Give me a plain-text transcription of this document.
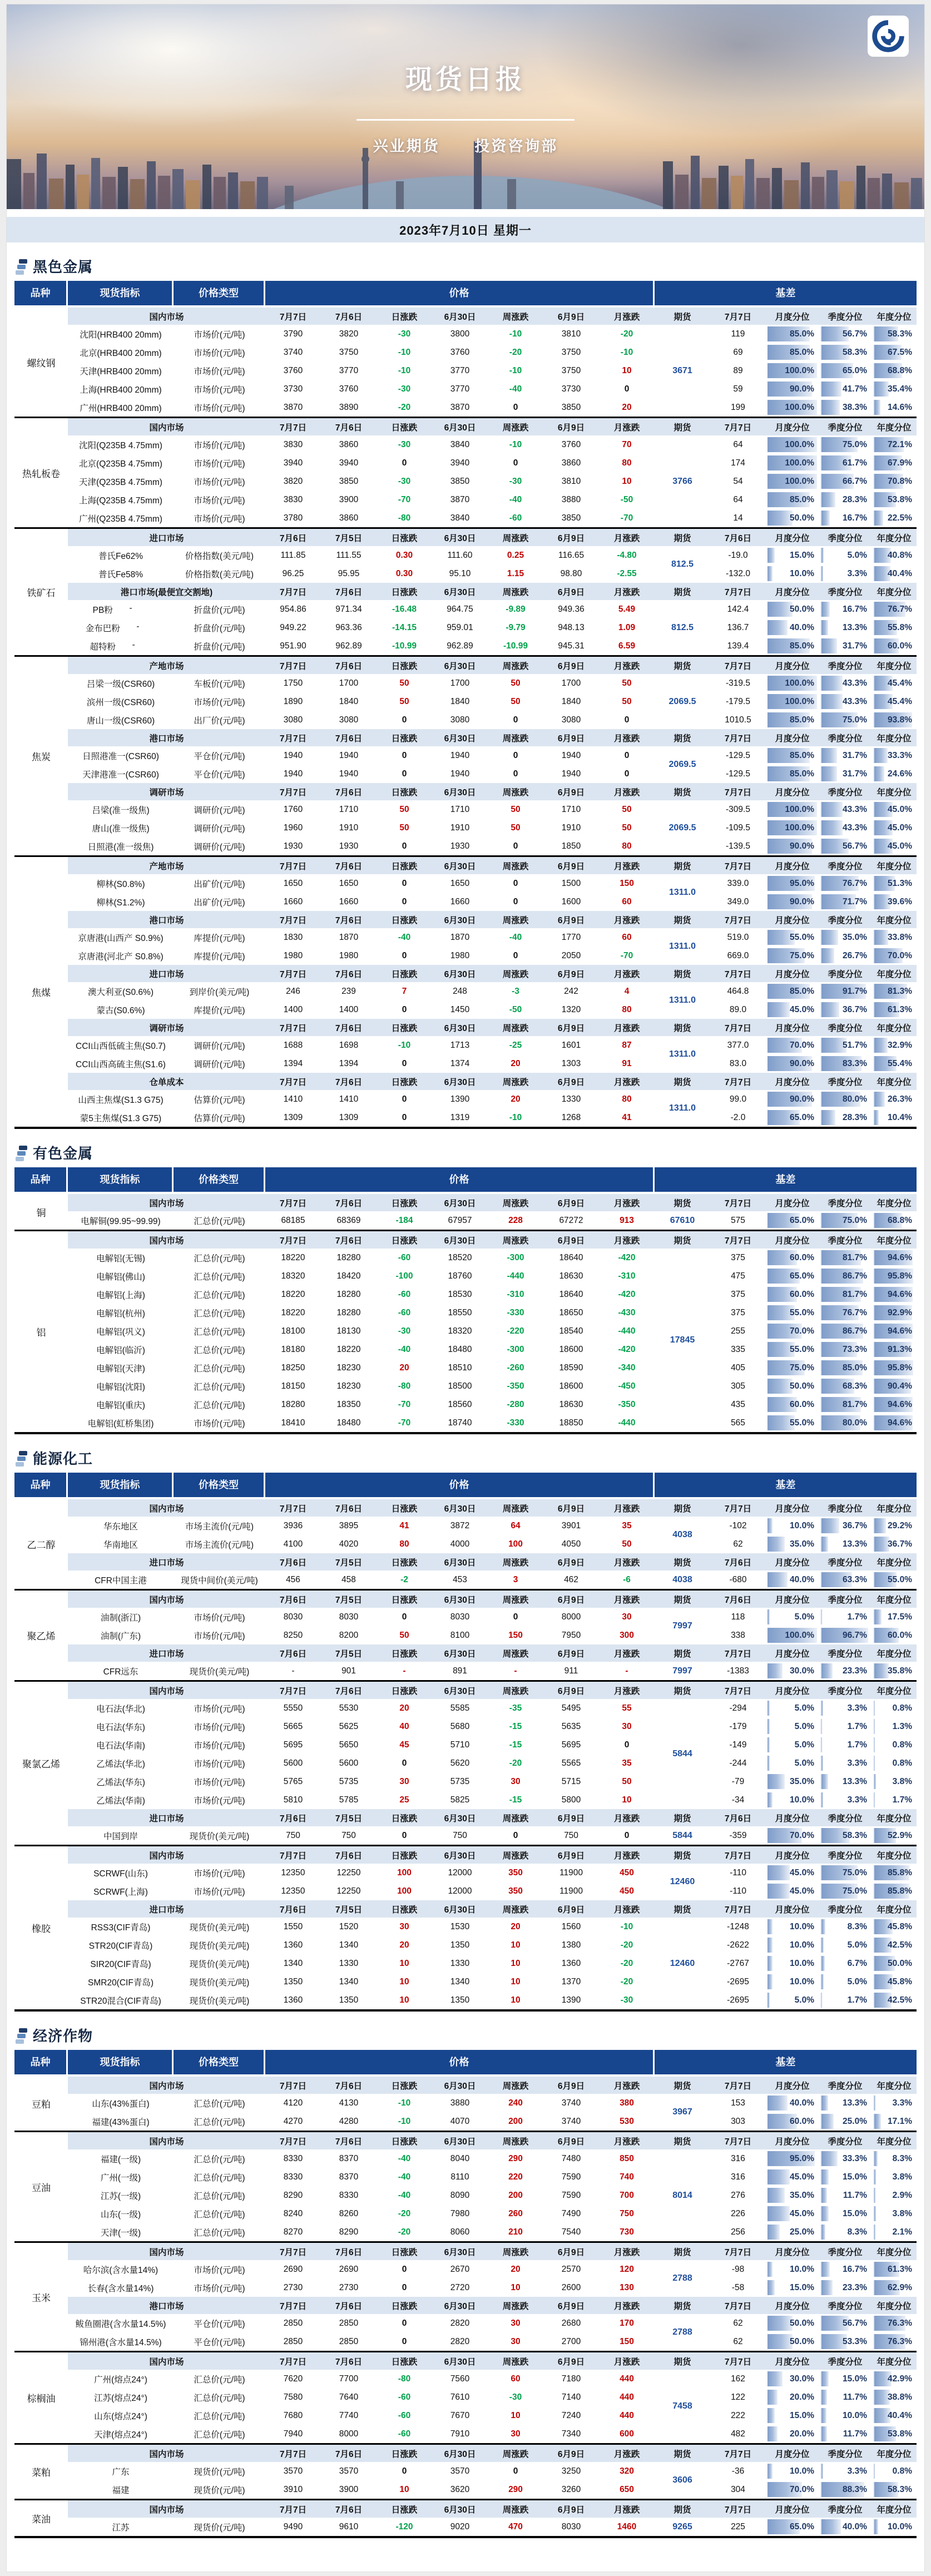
现货日报
兴业期货 投资咨询部
2023年7月10日 星期一
黑色金属
品种	现货指标	价格类型	价格	基差
螺纹钢
国内市场	7月7日	7月6日	日涨跌	6月30日	周涨跌	6月9日	月涨跌	期货	7月7日	月度分位	季度分位	年度分位
沈阳(HRB400 20mm)	市场价(元/吨)	3790	3820	-30	3800	-10	3810	-20	119	85.0%	56.7% 58.3%
北京(HRB400 20mm)	市场价(元/吨)	3740	3750	-10	3760	-20	3750	-10	69	85.0%	58.3% 67.5%
天津(HRB400 20mm)	市场价(元/吨)	3760	3770	-10	3770	-10	3750	10	89	100.0%	65.0% 68.8%
上海(HRB400 20mm)	市场价(元/吨)	3730	3760	-30	3770	-40	3730	0	59	90.0%	41.7% 35.4%
广州(HRB400 20mm)	市场价(元/吨)	3870	3890	-20	3870	0	3850	20	199	100.0%	38.3% 14.6%
3671
热轧板卷
国内市场	7月7日	7月6日	日涨跌	6月30日	周涨跌	6月9日	月涨跌	期货	7月7日	月度分位	季度分位	年度分位
沈阳(Q235B 4.75mm)	市场价(元/吨)	3830	3860	-30	3840	-10	3760	70	64	100.0%	75.0% 72.1%
北京(Q235B 4.75mm)	市场价(元/吨)	3940	3940	0	3940	0	3860	80	174	100.0%	61.7% 67.9%
天津(Q235B 4.75mm)	市场价(元/吨)	3820	3850	-30	3850	-30	3810	10	54	100.0%	66.7% 70.8%
上海(Q235B 4.75mm)	市场价(元/吨)	3830	3900	-70	3870	-40	3880	-50	64	85.0%	28.3% 53.8%
广州(Q235B 4.75mm)	市场价(元/吨)	3780	3860	-80	3840	-60	3850	-70	14	50.0%	16.7% 22.5%
3766
铁矿石
进口市场	7月6日	7月5日	日涨跌	6月30日	周涨跌	6月9日	月涨跌	期货	7月6日	月度分位	季度分位	年度分位
普氏Fe62%	价格指数(美元/吨)	111.85	111.55	0.30	111.60	0.25	116.65	-4.80	-19.0	15.0%	5.0% 40.8%
普氏Fe58%	价格指数(美元/吨)	96.25	95.95	0.30	95.10	1.15	98.80	-2.55	-132.0	10.0%	3.3% 40.4%
812.5
港口市场(最便宜交割地)	7月7日	7月6日	日涨跌	6月30日	周涨跌	6月9日	月涨跌	期货	7月7日	月度分位	季度分位	年度分位
PB粉	-	折盘价(元/吨)	954.86	971.34	-16.48	964.75	-9.89	949.36	5.49	142.4	50.0%	16.7% 76.7%
金布巴粉	-	折盘价(元/吨)	949.22	963.36	-14.15	959.01	-9.79	948.13	1.09	136.7	40.0%	13.3% 55.8%
超特粉	-	折盘价(元/吨)	951.90	962.89	-10.99	962.89	-10.99	945.31	6.59	139.4	85.0%	31.7% 60.0%
812.5
焦炭
产地市场	7月7日	7月6日	日涨跌	6月30日	周涨跌	6月9日	月涨跌	期货	7月7日	月度分位	季度分位	年度分位
吕梁一级(CSR60)	车板价(元/吨)	1750	1700	50	1700	50	1700	50	-319.5	100.0%	43.3% 45.4%
滨州一级(CSR60)	市场价(元/吨)	1890	1840	50	1840	50	1840	50	-179.5	100.0%	43.3% 45.4%
唐山一级(CSR60)	出厂价(元/吨)	3080	3080	0	3080	0	3080	0	1010.5	85.0%	75.0% 93.8%
2069.5
港口市场	7月7日	7月6日	日涨跌	6月30日	周涨跌	6月9日	月涨跌	期货	7月7日	月度分位	季度分位	年度分位
日照港准一(CSR60)	平仓价(元/吨)	1940	1940	0	1940	0	1940	0	-129.5	85.0%	31.7% 33.3%
天津港准一(CSR60)	平仓价(元/吨)	1940	1940	0	1940	0	1940	0	-129.5	85.0%	31.7% 24.6%
2069.5
调研市场	7月7日	7月6日	日涨跌	6月30日	周涨跌	6月9日	月涨跌	期货	7月7日	月度分位	季度分位	年度分位
吕梁(准一级焦)	调研价(元/吨)	1760	1710	50	1710	50	1710	50	-309.5	100.0%	43.3% 45.0%
唐山(准一级焦)	调研价(元/吨)	1960	1910	50	1910	50	1910	50	-109.5	100.0%	43.3% 45.0%
日照港(准一级焦)	调研价(元/吨)	1930	1930	0	1930	0	1850	80	-139.5	90.0%	56.7% 45.0%
2069.5
焦煤
产地市场	7月7日	7月6日	日涨跌	6月30日	周涨跌	6月9日	月涨跌	期货	7月7日	月度分位	季度分位	年度分位
柳林(S0.8%)	出矿价(元/吨)	1650	1650	0	1650	0	1500	150	339.0	95.0%	76.7% 51.3%
柳林(S1.2%)	出矿价(元/吨)	1660	1660	0	1660	0	1600	60	349.0	90.0%	71.7% 39.6%
1311.0
港口市场	7月7日	7月6日	日涨跌	6月30日	周涨跌	6月9日	月涨跌	期货	7月7日	月度分位	季度分位	年度分位
京唐港(山西产 S0.9%)	库提价(元/吨)	1830	1870	-40	1870	-40	1770	60	519.0	55.0%	35.0% 33.8%
京唐港(河北产 S0.8%)	库提价(元/吨)	1980	1980	0	1980	0	2050	-70	669.0	75.0%	26.7% 70.0%
1311.0
进口市场	7月7日	7月6日	日涨跌	6月30日	周涨跌	6月9日	月涨跌	期货	7月7日	月度分位	季度分位	年度分位
澳大利亚(S0.6%)	到岸价(美元/吨)	246	239	7	248	-3	242	4	464.8	85.0%	91.7% 81.3%
蒙古(S0.6%)	库提价(元/吨)	1400	1400	0	1450	-50	1320	80	89.0	45.0%	36.7% 61.3%
1311.0
调研市场	7月7日	7月6日	日涨跌	6月30日	周涨跌	6月9日	月涨跌	期货	7月7日	月度分位	季度分位	年度分位
CCI山西低硫主焦(S0.7)	调研价(元/吨)	1688	1698	-10	1713	-25	1601	87	377.0	70.0%	51.7% 32.9%
CCI山西高硫主焦(S1.6)	调研价(元/吨)	1394	1394	0	1374	20	1303	91	83.0	90.0%	83.3% 55.4%
1311.0
仓单成本	7月7日	7月6日	日涨跌	6月30日	周涨跌	6月9日	月涨跌	期货	7月7日	月度分位	季度分位	年度分位
山西主焦煤(S1.3 G75)	估算价(元/吨)	1410	1410	0	1390	20	1330	80	99.0	90.0%	80.0% 26.3%
蒙5主焦煤(S1.3 G75)	估算价(元/吨)	1309	1309	0	1319	-10	1268	41	-2.0	65.0%	28.3% 10.4%
1311.0
有色金属
品种	现货指标	价格类型	价格	基差
铜
国内市场	7月7日	7月6日	日涨跌	6月30日	周涨跌	6月9日	月涨跌	期货	7月7日	月度分位	季度分位	年度分位
电解铜(99.95~99.99)	汇总价(元/吨)	68185	68369	-184	67957	228	67272	913	575	65.0%	75.0% 68.8%
67610
铝
国内市场	7月7日	7月6日	日涨跌	6月30日	周涨跌	6月9日	月涨跌	期货	7月7日	月度分位	季度分位	年度分位
电解铝(无锡)	汇总价(元/吨)	18220	18280	-60	18520	-300	18640	-420	375	60.0%	81.7% 94.6%
电解铝(佛山)	汇总价(元/吨)	18320	18420	-100	18760	-440	18630	-310	475	65.0%	86.7% 95.8%
电解铝(上海)	汇总价(元/吨)	18220	18280	-60	18530	-310	18640	-420	375	60.0%	81.7% 94.6%
电解铝(杭州)	汇总价(元/吨)	18220	18280	-60	18550	-330	18650	-430	375	55.0%	76.7% 92.9%
电解铝(巩义)	汇总价(元/吨)	18100	18130	-30	18320	-220	18540	-440	255	70.0%	86.7% 94.6%
电解铝(临沂)	汇总价(元/吨)	18180	18220	-40	18480	-300	18600	-420	335	55.0%	73.3% 91.3%
电解铝(天津)	汇总价(元/吨)	18250	18230	20	18510	-260	18590	-340	405	75.0%	85.0% 95.8%
电解铝(沈阳)	汇总价(元/吨)	18150	18230	-80	18500	-350	18600	-450	305	50.0%	68.3% 90.4%
电解铝(重庆)	汇总价(元/吨)	18280	18350	-70	18560	-280	18630	-350	435	60.0%	81.7% 94.6%
电解铝(虹桥集团)	市场价(元/吨)	18410	18480	-70	18740	-330	18850	-440	565	55.0%	80.0% 94.6%
17845
能源化工
品种	现货指标	价格类型	价格	基差
乙二醇
国内市场	7月7日	7月6日	日涨跌	6月30日	周涨跌	6月9日	月涨跌	期货	7月7日	月度分位	季度分位	年度分位
华东地区	市场主流价(元/吨)	3936	3895	41	3872	64	3901	35	-102	10.0%	36.7% 29.2%
华南地区	市场主流价(元/吨)	4100	4020	80	4000	100	4050	50	62	35.0%	13.3% 36.7%
4038
进口市场	7月6日	7月5日	日涨跌	6月30日	周涨跌	6月9日	月涨跌	期货	7月6日	月度分位	季度分位	年度分位
CFR中国主港	现货中间价(美元/吨)	456	458	-2	453	3	462	-6	-680	40.0%	63.3% 55.0%
4038
聚乙烯
国内市场	7月6日	7月5日	日涨跌	6月30日	周涨跌	6月9日	月涨跌	期货	7月6日	月度分位	季度分位	年度分位
油制(浙江)	市场价(元/吨)	8030	8030	0	8030	0	8000	30	118	5.0%	1.7% 17.5%
油制(广东)	市场价(元/吨)	8250	8200	50	8100	150	7950	300	338	100.0%	96.7% 60.0%
7997
进口市场	7月6日	7月5日	日涨跌	6月30日	周涨跌	6月9日	月涨跌	期货	7月7日	月度分位	季度分位	年度分位
CFR远东	现货价(美元/吨)	-	901	-	891	-	911	-	-1383	30.0%	23.3% 35.8%
7997
聚氯乙烯
国内市场	7月7日	7月6日	日涨跌	6月30日	周涨跌	6月9日	月涨跌	期货	7月7日	月度分位	季度分位	年度分位
电石法(华北)	市场价(元/吨)	5550	5530	20	5585	-35	5495	55	-294	5.0%	3.3%	0.8%
电石法(华东)	市场价(元/吨)	5665	5625	40	5680	-15	5635	30	-179	5.0%	1.7%	1.3%
电石法(华南)	市场价(元/吨)	5695	5650	45	5710	-15	5695	0	-149	5.0%	1.7%	0.8%
乙烯法(华北)	市场价(元/吨)	5600	5600	0	5620	-20	5565	35	-244	5.0%	3.3%	0.8%
乙烯法(华东)	市场价(元/吨)	5765	5735	30	5735	30	5715	50	-79	35.0%	13.3%	3.8%
乙烯法(华南)	市场价(元/吨)	5810	5785	25	5825	-15	5800	10	-34	10.0%	3.3%	1.7%
5844
进口市场	7月6日	7月5日	日涨跌	6月30日	周涨跌	6月9日	月涨跌	期货	7月6日	月度分位	季度分位	年度分位
中国到岸	现货价(美元/吨)	750	750	0	750	0	750	0	-359	70.0%	58.3% 52.9%
5844
橡胶
国内市场	7月7日	7月6日	日涨跌	6月30日	周涨跌	6月9日	月涨跌	期货	7月7日	月度分位	季度分位	年度分位
SCRWF(山东)	市场价(元/吨)	12350	12250	100	12000	350	11900	450	-110	45.0%	75.0% 85.8%
SCRWF(上海)	市场价(元/吨)	12350	12250	100	12000	350	11900	450	-110	45.0%	75.0% 85.8%
12460
进口市场	7月6日	7月5日	日涨跌	6月30日	周涨跌	6月9日	月涨跌	期货	7月7日	月度分位	季度分位	年度分位
RSS3(CIF青岛)	现货价(美元/吨)	1550	1520	30	1530	20	1560	-10	-1248	10.0%	8.3% 45.8%
STR20(CIF青岛)	现货价(美元/吨)	1360	1340	20	1350	10	1380	-20	-2622	10.0%	5.0% 42.5%
SIR20(CIF青岛)	现货价(美元/吨)	1340	1330	10	1330	10	1360	-20	-2767	10.0%	6.7% 50.0%
SMR20(CIF青岛)	现货价(美元/吨)	1350	1340	10	1340	10	1370	-20	-2695	10.0%	5.0% 45.8%
STR20混合(CIF青岛)	现货价(美元/吨)	1360	1350	10	1350	10	1390	-30	-2695	5.0%	1.7% 42.5%
12460
经济作物
品种	现货指标	价格类型	价格	基差
豆粕
国内市场	7月7日	7月6日	日涨跌	6月30日	周涨跌	6月9日	月涨跌	期货	7月7日	月度分位	季度分位	年度分位
山东(43%蛋白)	汇总价(元/吨)	4120	4130	-10	3880	240	3740	380	153	40.0%	13.3%	3.3%
福建(43%蛋白)	汇总价(元/吨)	4270	4280	-10	4070	200	3740	530	303	60.0%	25.0% 17.1%
3967
豆油
国内市场	7月7日	7月6日	日涨跌	6月30日	周涨跌	6月9日	月涨跌	期货	7月7日	月度分位	季度分位	年度分位
福建(一级)	汇总价(元/吨)	8330	8370	-40	8040	290	7480	850	316	95.0%	33.3%	8.3%
广州(一级)	汇总价(元/吨)	8330	8370	-40	8110	220	7590	740	316	45.0%	15.0%	3.8%
江苏(一级)	汇总价(元/吨)	8290	8330	-40	8090	200	7590	700	276	35.0%	11.7%	2.9%
山东(一级)	汇总价(元/吨)	8240	8260	-20	7980	260	7490	750	226	45.0%	15.0%	3.8%
天津(一级)	汇总价(元/吨)	8270	8290	-20	8060	210	7540	730	256	25.0%	8.3%	2.1%
8014
玉米
国内市场	7月7日	7月6日	日涨跌	6月30日	周涨跌	6月9日	月涨跌	期货	7月7日	月度分位	季度分位	年度分位
哈尔滨(含水量14%)	市场价(元/吨)	2690	2690	0	2670	20	2570	120	-98	10.0%	16.7% 61.3%
长春(含水量14%)	市场价(元/吨)	2730	2730	0	2720	10	2600	130	-58	15.0%	23.3% 62.9%
2788
港口市场	7月7日	7月6日	日涨跌	6月30日	周涨跌	6月9日	月涨跌	期货	7月7日	月度分位	季度分位	年度分位
鲅鱼圈港(含水量14.5%)	平仓价(元/吨)	2850	2850	0	2820	30	2680	170	62	50.0%	56.7% 76.3%
锦州港(含水量14.5%)	平仓价(元/吨)	2850	2850	0	2820	30	2700	150	62	50.0%	53.3% 76.3%
2788
棕榈油
国内市场	7月7日	7月6日	日涨跌	6月30日	周涨跌	6月9日	月涨跌	期货	7月7日	月度分位	季度分位	年度分位
广州(熔点24°)	汇总价(元/吨)	7620	7700	-80	7560	60	7180	440	162	30.0%	15.0% 42.9%
江苏(熔点24°)	汇总价(元/吨)	7580	7640	-60	7610	-30	7140	440	122	20.0%	11.7% 38.8%
山东(熔点24°)	汇总价(元/吨)	7680	7740	-60	7670	10	7240	440	222	15.0%	10.0% 40.4%
天津(熔点24°)	汇总价(元/吨)	7940	8000	-60	7910	30	7340	600	482	20.0%	11.7% 53.8%
7458
菜粕
国内市场	7月7日	7月6日	日涨跌	6月30日	周涨跌	6月9日	月涨跌	期货	7月7日	月度分位	季度分位	年度分位
广东	现货价(元/吨)	3570	3570	0	3570	0	3250	320	-36	10.0%	3.3%	0.8%
福建	现货价(元/吨)	3910	3900	10	3620	290	3260	650	304	70.0%	88.3% 58.3%
3606
菜油
国内市场	7月7日	7月6日	日涨跌	6月30日	周涨跌	6月9日	月涨跌	期货	7月7日	月度分位	季度分位	年度分位
江苏	现货价(元/吨)	9490	9610	-120	9020	470	8030	1460	225	65.0%	40.0% 10.0%
9265
